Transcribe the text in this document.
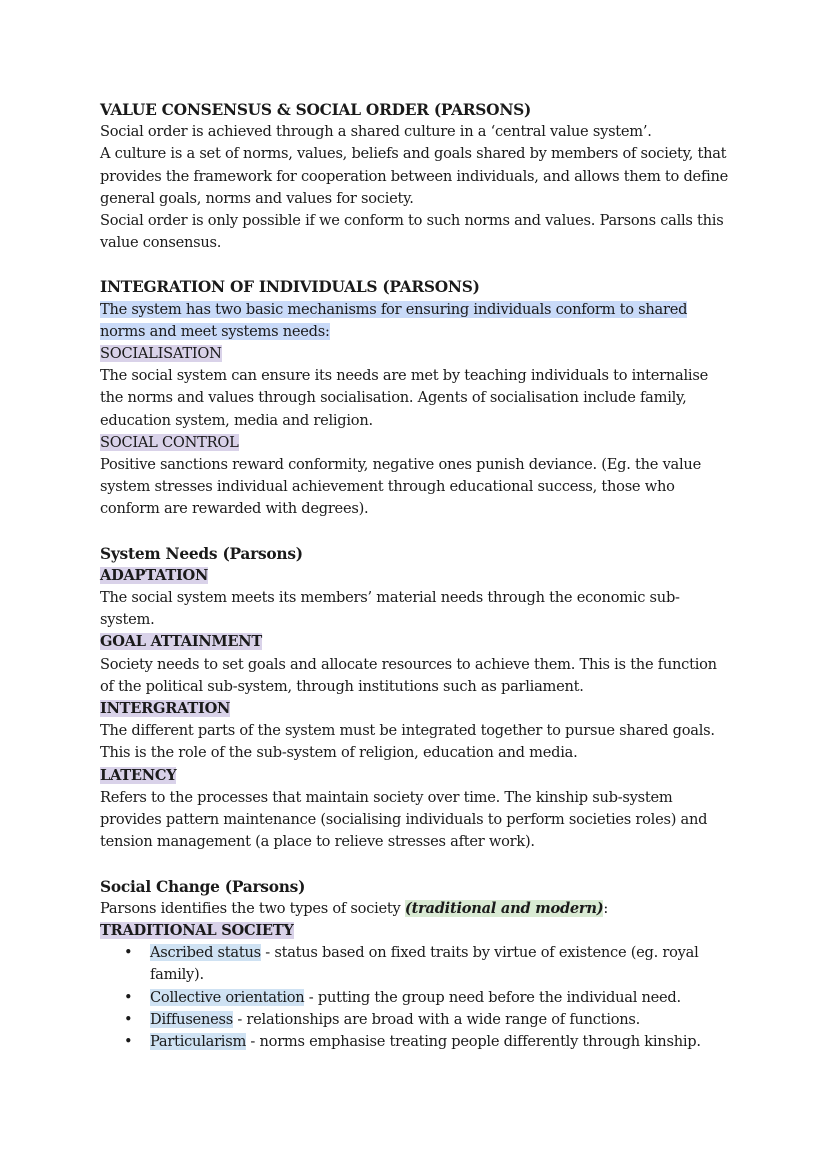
VALUE CONSENSUS & SOCIAL ORDER (PARSONS)

Social order is achieved through a shared culture in a ‘central value system’.

A culture is a set of norms, values, beliefs and goals shared by members of society, that provides the framework for cooperation between individuals, and allows them to define general goals, norms and values for society.

Social order is only possible if we conform to such norms and values. Parsons calls this value consensus.

INTEGRATION OF INDIVIDUALS (PARSONS)

The system has two basic mechanisms for ensuring individuals conform to shared norms and meet systems needs:

SOCIALISATION

The social system can ensure its needs are met by teaching individuals to internalise the norms and values through socialisation. Agents of socialisation include family, education system, media and religion.

SOCIAL CONTROL

Positive sanctions reward conformity, negative ones punish deviance. (Eg. the value system stresses individual achievement through educational success, those who conform are rewarded with degrees).

System Needs (Parsons)

ADAPTATION

The social system meets its members’ material needs through the economic sub-system.

GOAL ATTAINMENT

Society needs to set goals and allocate resources to achieve them. This is the function of the political sub-system, through institutions such as parliament.

INTERGRATION

The different parts of the system must be integrated together to pursue shared goals. This is the role of the sub-system of religion, education and media.

LATENCY

Refers to the processes that maintain society over time. The kinship sub-system provides pattern maintenance (socialising individuals to perform societies roles) and tension management (a place to relieve stresses after work).

Social Change (Parsons)

Parsons identifies the two types of society (traditional and modern):

TRADITIONAL SOCIETY

• Ascribed status - status based on fixed traits by virtue of existence (eg. royal family).
• Collective orientation - putting the group need before the individual need.
• Diffuseness - relationships are broad with a wide range of functions.
• Particularism - norms emphasise treating people differently through kinship.
